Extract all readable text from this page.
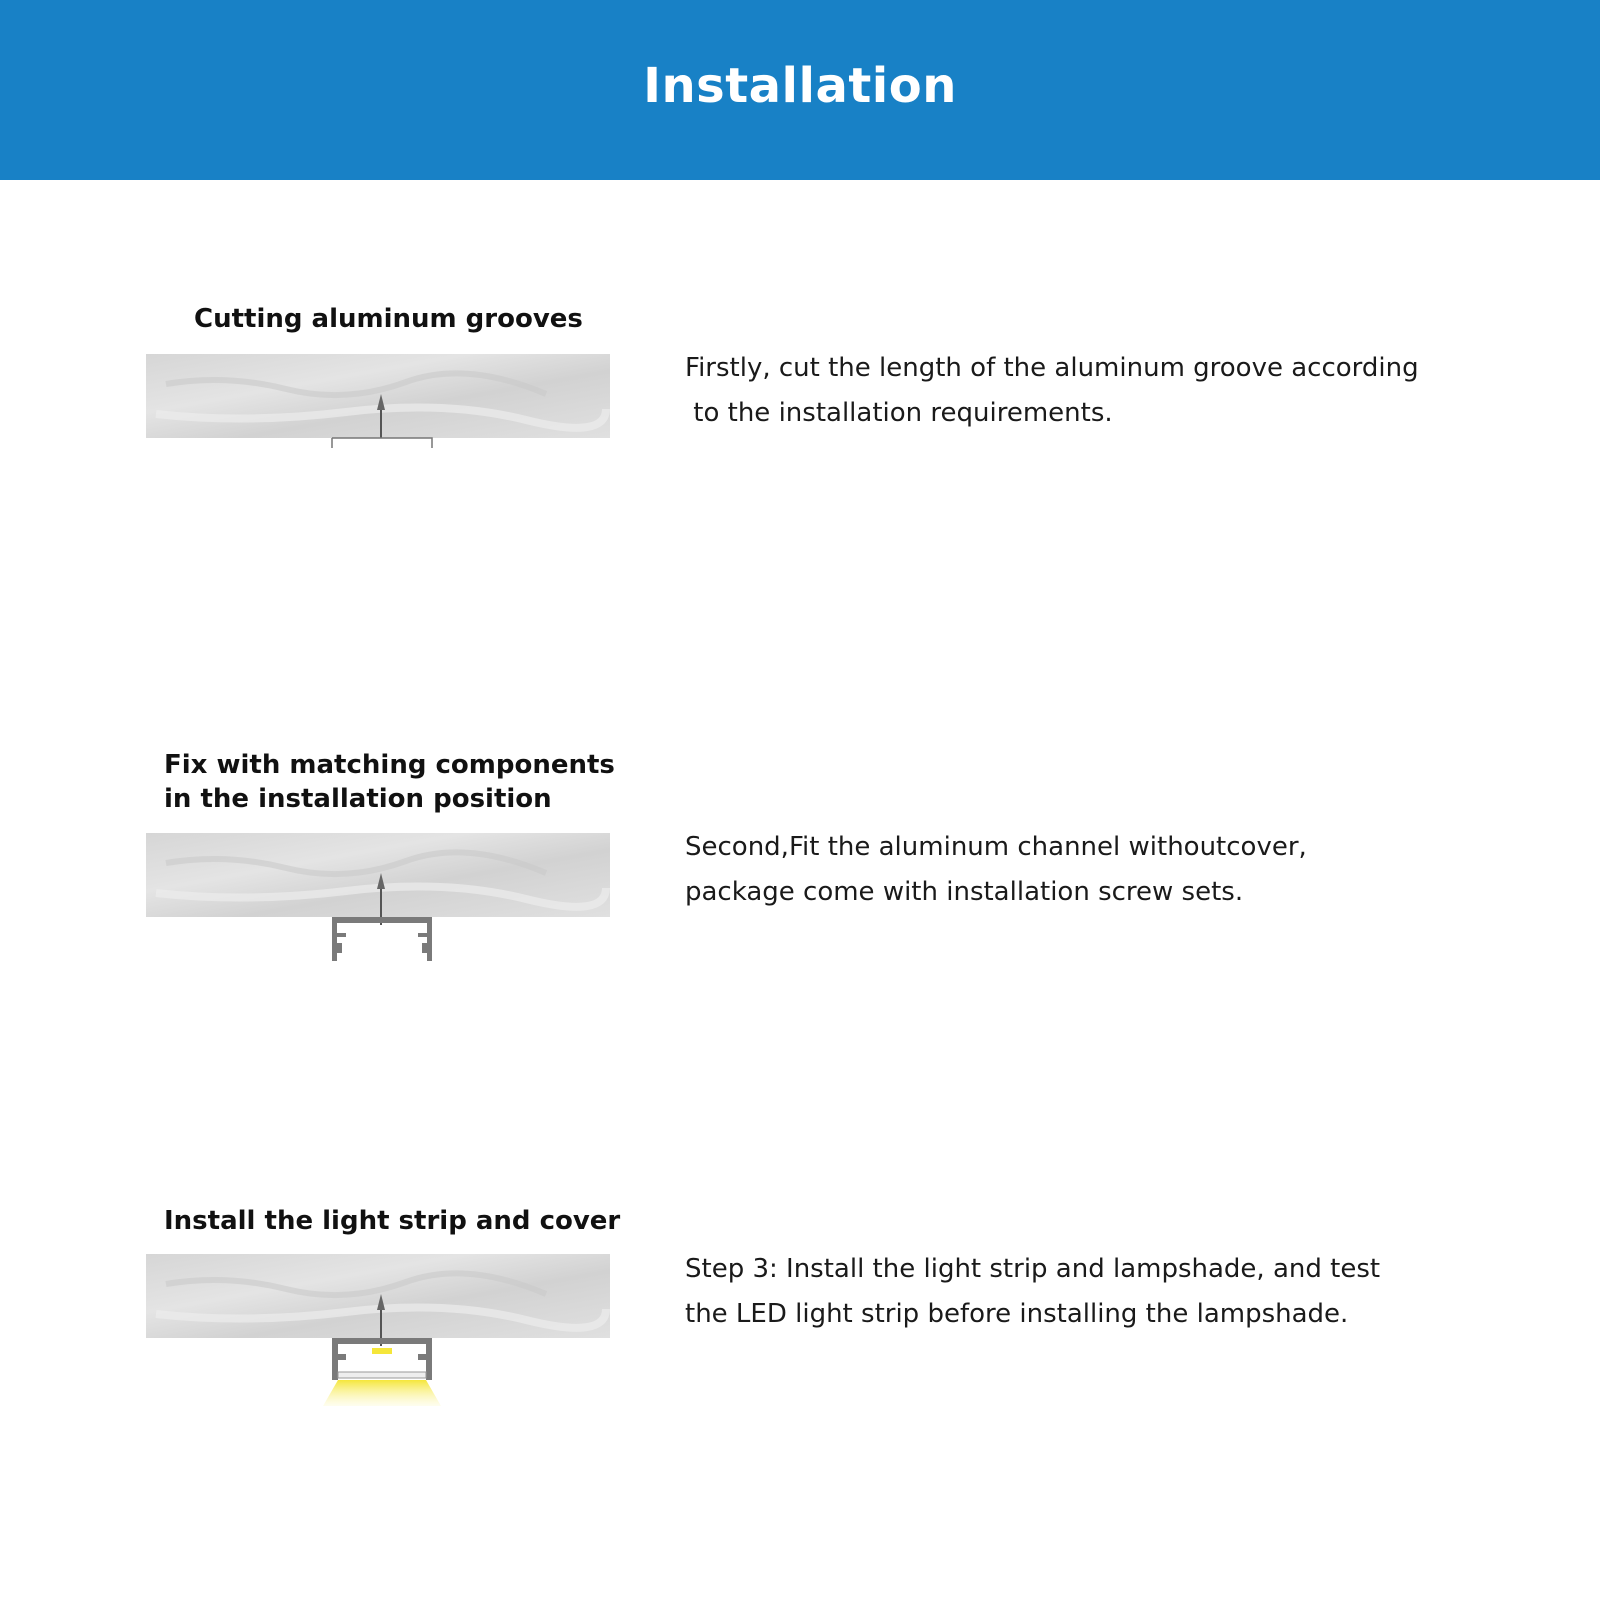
Installation
Cutting aluminum grooves

Firstly, cut the length of the aluminum groove according
to the installation requirements.

Fix with matching components
in the installation position

Second,Fit the aluminum channel withoutcover,
package come with installation screw sets.

Install the light strip and cover

Step 3: Install the light strip and lampshade, and test
the LED light strip before installing the lampshade.
